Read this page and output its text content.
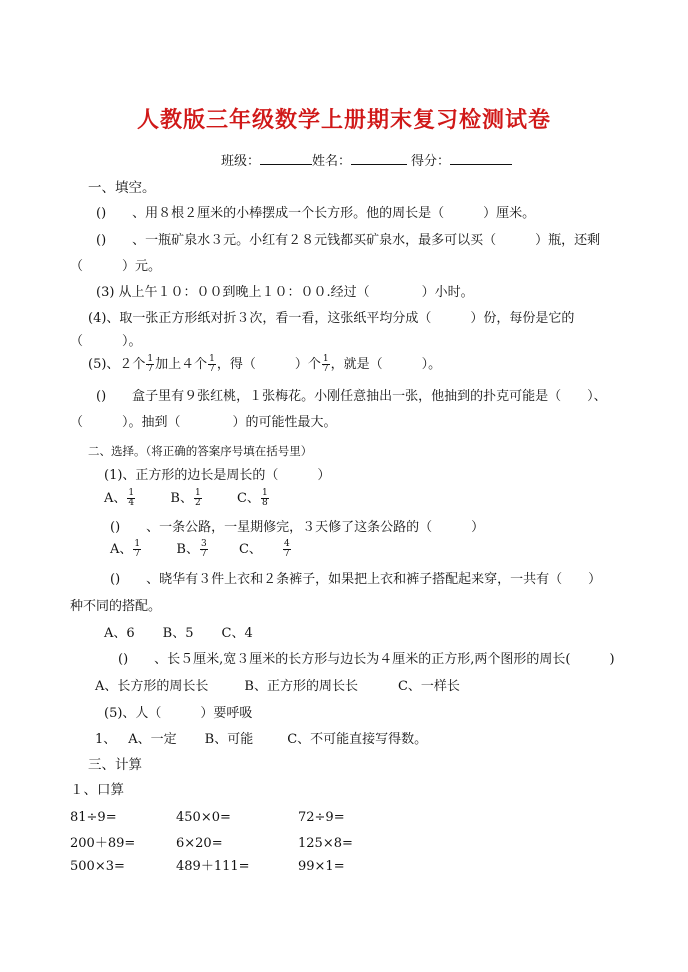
人教版三年级数学上册期末复习检测试卷
班级：	姓名：	得分：
一、填空。
()　　、用８根２厘米的小棒摆成一个长方形。他的周长是（　　　）厘米。
()　　、一瓶矿泉水３元。小红有２８元钱都买矿泉水，最多可以买（　　　）瓶，还剩
（　　　）元。
(3) 从上午１０：００到晚上１０：００.经过（　　　　）小时。
(4)、取一张正方形纸对折３次，看一看，这张纸平均分成（　　　）份，每份是它的
（　　　）。
(5)、２个 $\frac{1}{7}$ 加上４个 $\frac{1}{7}$ ，得（　　　）个 $\frac{1}{7}$ ，就是（　　　）。
()　　盒子里有９张红桃，１张梅花。小刚任意抽出一张，他抽到的扑克可能是（　　）、
（　　　）。抽到（　　　　）的可能性最大。
二、选择。（将正确的答案序号填在括号里）
(1)、正方形的边长是周长的（　　　）
A、 $\frac{1}{4}$	B、 $\frac{1}{2}$	C、 $\frac{1}{8}$
()　　、一条公路，一星期修完，３天修了这条公路的（　　　）
A、 $\frac{1}{7}$	B、 $\frac{3}{7}$ C、 $\frac{4}{7}$
()　　、晓华有３件上衣和２条裤子，如果把上衣和裤子搭配起来穿，一共有（　　）
种不同的搭配。
A、6 B、5 C、4
()　　、长５厘米,宽３厘米的长方形与边长为４厘米的正方形,两个图形的周长(　　　)
A、长方形的周长长	B、正方形的周长长	C、一样长
(5)、人（　　　）要呼吸
1、 A、一定 B、可能	C、不可能直接写得数。
三、计算
１、口算
81÷9=	450×0=	72÷9=
200＋89=	6×20=	125×8=
500×3=	489＋111=	99×1=
